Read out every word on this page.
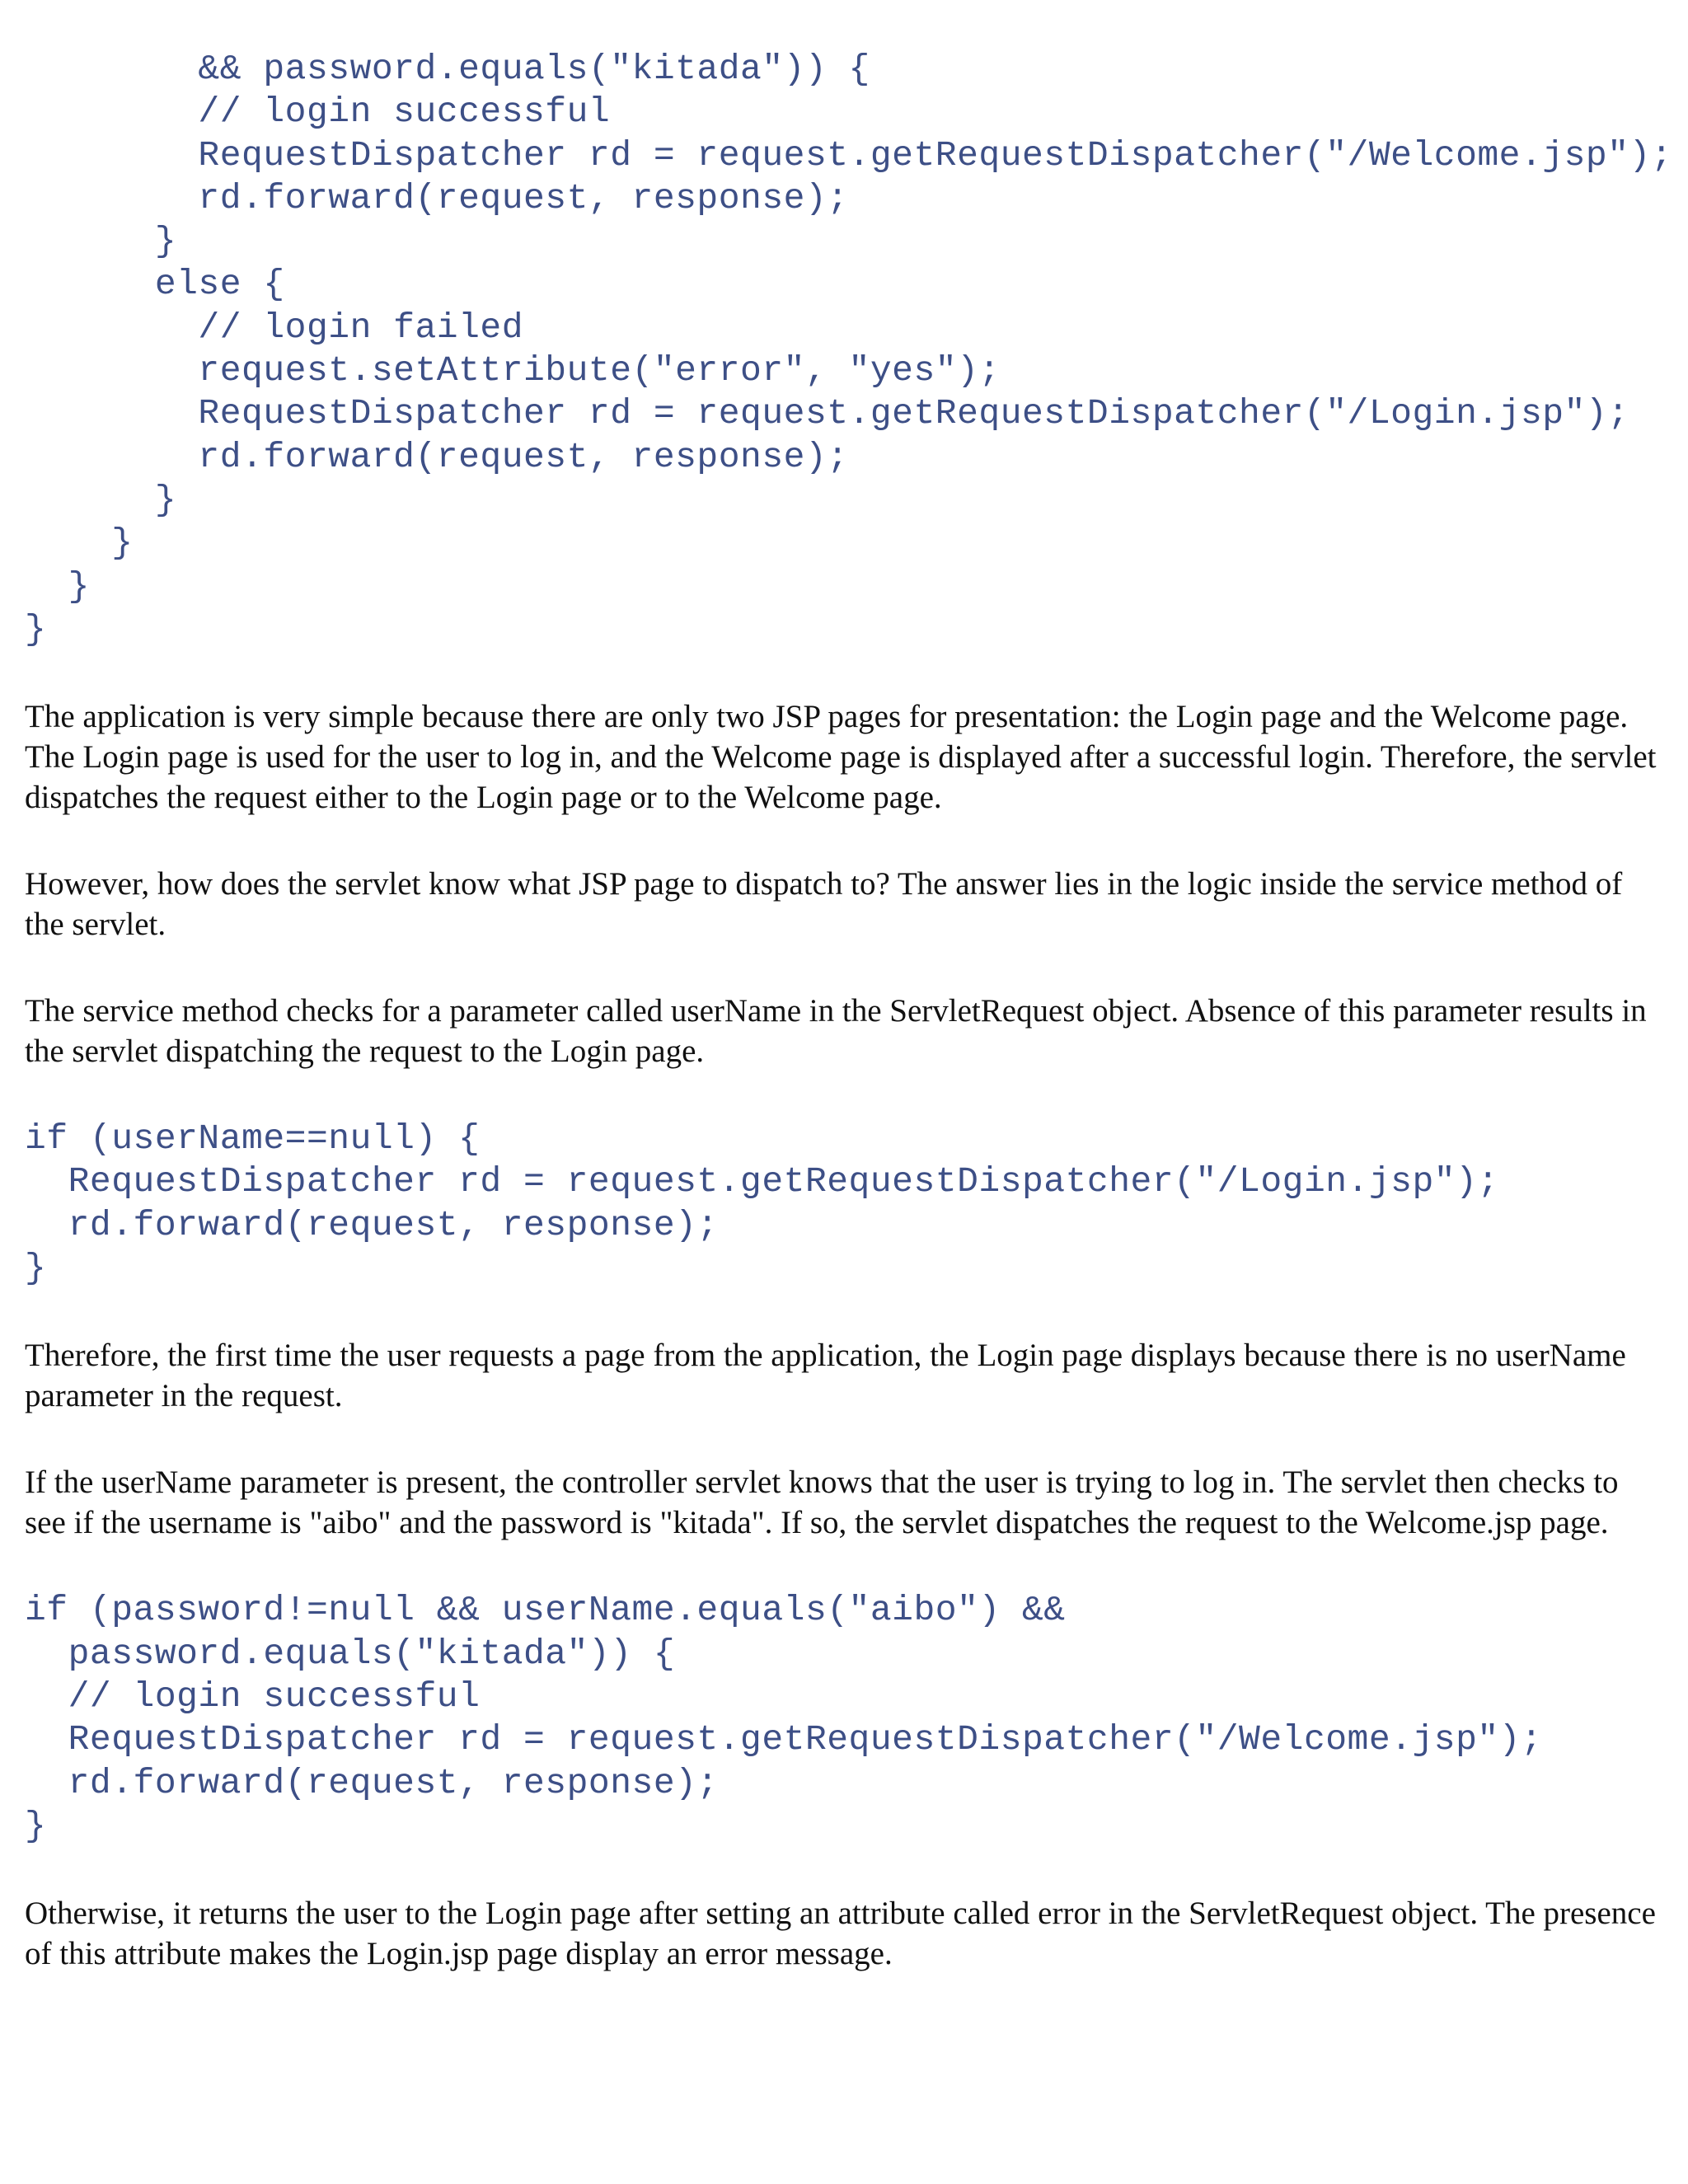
&& password.equals("kitada")) {
// login successful
RequestDispatcher rd = request.getRequestDispatcher("/Welcome.jsp");
rd.forward(request, response);
}
else {
// login failed
request.setAttribute("error", "yes");
RequestDispatcher rd = request.getRequestDispatcher("/Login.jsp");
rd.forward(request, response);
}
}
}
}

The application is very simple because there are only two JSP pages for presentation: the Login page and the Welcome page. The Login page is used for the user to log in, and the Welcome page is displayed after a successful login. Therefore, the servlet dispatches the request either to the Login page or to the Welcome page.

However, how does the servlet know what JSP page to dispatch to? The answer lies in the logic inside the service method of the servlet.

The service method checks for a parameter called userName in the ServletRequest object. Absence of this parameter results in the servlet dispatching the request to the Login page.

if (userName==null) {
RequestDispatcher rd = request.getRequestDispatcher("/Login.jsp");
rd.forward(request, response);
}

Therefore, the first time the user requests a page from the application, the Login page displays because there is no userName parameter in the request.

If the userName parameter is present, the controller servlet knows that the user is trying to log in. The servlet then checks to see if the username is "aibo" and the password is "kitada". If so, the servlet dispatches the request to the Welcome.jsp page.

if (password!=null && userName.equals("aibo") &&
password.equals("kitada")) {
// login successful
RequestDispatcher rd = request.getRequestDispatcher("/Welcome.jsp");
rd.forward(request, response);
}

Otherwise, it returns the user to the Login page after setting an attribute called error in the ServletRequest object. The presence of this attribute makes the Login.jsp page display an error message.
